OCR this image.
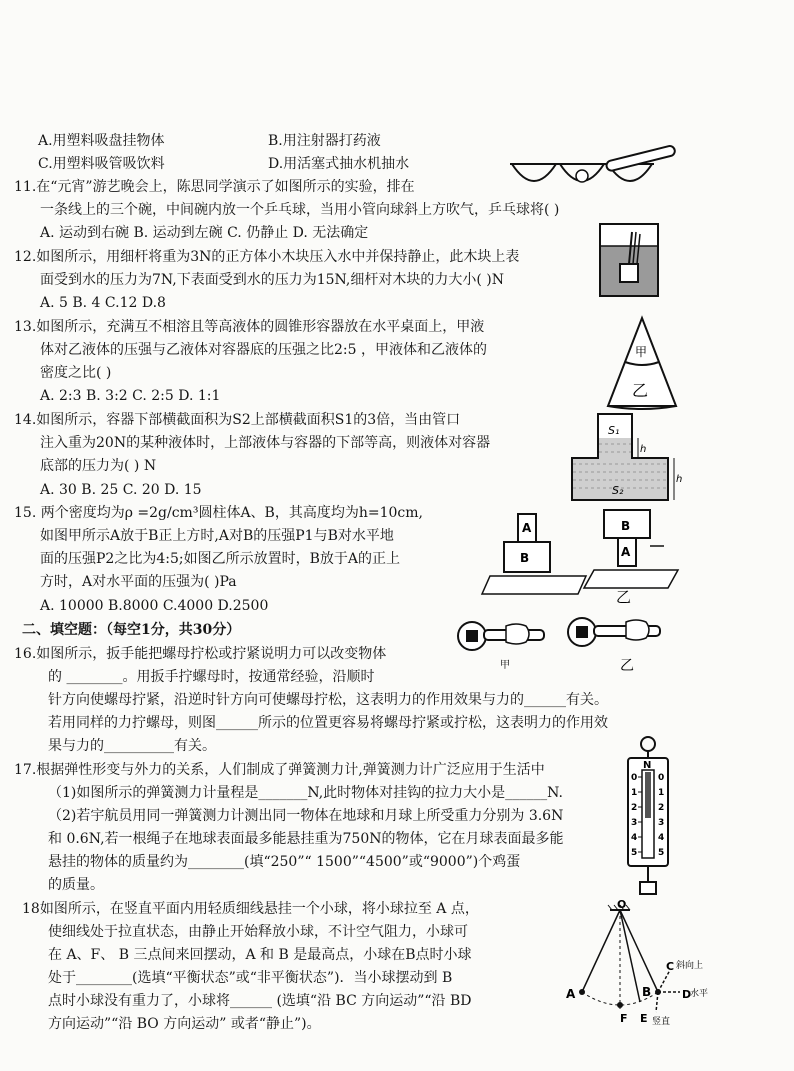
A.用塑料吸盘挂物体	B.用注射器打药液
C.用塑料吸管吸饮料	D.用活塞式抽水机抽水
11.在“元宵”游艺晚会上，陈思同学演示了如图所示的实验，排在
一条线上的三个碗，中间碗内放一个乒乓球，当用小管向球斜上方吹气，乒乓球将( )
A. 运动到右碗 B. 运动到左碗 C. 仍静止 D. 无法确定
12.如图所示，用细杆将重为3N的正方体小木块压入水中并保持静止，此木块上表
面受到水的压力为7N,下表面受到水的压力为15N,细杆对木块的力大小( )N
A. 5 B. 4 C.12 D.8
13.如图所示，充满互不相溶且等高液体的圆锥形容器放在水平桌面上，甲液
体对乙液体的压强与乙液体对容器底的压强之比2:5 ，甲液体和乙液体的
密度之比( )
A. 2:3 B. 3:2 C. 2:5 D. 1:1
14.如图所示，容器下部横截面积为S2上部横截面积S1的3倍，当由管口
注入重为20N的某种液体时，上部液体与容器的下部等高，则液体对容器
底部的压力为( ) N
A. 30 B. 25 C. 20 D. 15
15. 两个密度均为ρ =2g/cm³圆柱体A、B，其高度均为h=10cm,
如图甲所示A放于B正上方时,A对B的压强P1与B对水平地
面的压强P2之比为4:5;如图乙所示放置时，B放于A的正上
方时，A对水平面的压强为( )Pa
A. 10000 B.8000 C.4000 D.2500
二、填空题：（每空1分，共30分）
16.如图所示，扳手能把螺母拧松或拧紧说明力可以改变物体
的 ________。用扳手拧螺母时，按通常经验，沿顺时
针方向使螺母拧紧，沿逆时针方向可使螺母拧松，这表明力的作用效果与力的______有关。
若用同样的力拧螺母，则图______所示的位置更容易将螺母拧紧或拧松，这表明力的作用效
果与力的__________有关。
17.根据弹性形变与外力的关系，人们制成了弹簧测力计,弹簧测力计广泛应用于生活中
（1)如图所示的弹簧测力计量程是_______N,此时物体对挂钩的拉力大小是______N.
（2)若宇航员用同一弹簧测力计测出同一物体在地球和月球上所受重力分别为 3.6N
和 0.6N,若一根绳子在地球表面最多能悬挂重为750N的物体，它在月球表面最多能
悬挂的物体的质量约为________(填“250”“ 1500”“4500”或“9000”)个鸡蛋
的质量。
18如图所示，在竖直平面内用轻质细线悬挂一个小球，将小球拉至 A 点，
使细线处于拉直状态，由静止开始释放小球，不计空气阻力，小球可
在 A、F、 B 三点间来回摆动，A 和 B 是最高点，小球在B点时小球
处于________(选填“平衡状态”或“非平衡状态”)．当小球摆动到 B
点时小球没有重力了，小球将______ (选填“沿 BC 方向运动”“沿 BD
方向运动”“沿 BO 方向运动” 或者“静止”)。
甲
乙
S₁
S₂
h
h
A
B	A
B
乙
甲	乙
N
0 0
1 1
2 2
3 3
4 4
5 5
O
A	B
F
C 斜向上
D
水平
E 竖直
